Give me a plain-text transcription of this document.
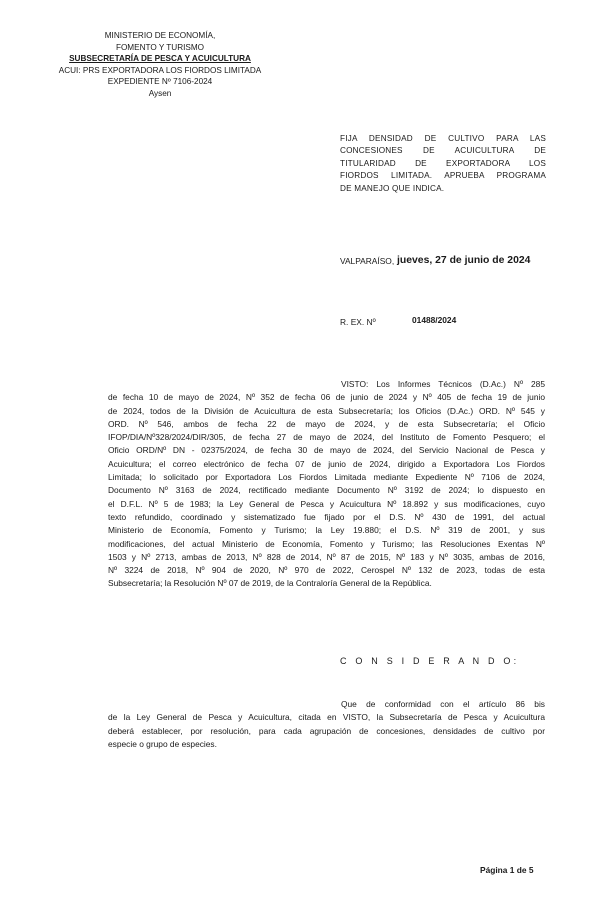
MINISTERIO DE ECONOMÍA,
FOMENTO Y TURISMO
SUBSECRETARÍA DE PESCA Y ACUICULTURA
ACUI: PRS EXPORTADORA LOS FIORDOS LIMITADA
EXPEDIENTE Nº 7106-2024
Aysen
FIJA DENSIDAD DE CULTIVO PARA LAS
CONCESIONES DE ACUICULTURA DE
TITULARIDAD DE EXPORTADORA LOS
FIORDOS LIMITADA. APRUEBA PROGRAMA
DE MANEJO QUE INDICA.
VALPARAÍSO, jueves, 27 de junio de 2024
R. EX. Nº	01488/2024
VISTO: Los Informes Técnicos (D.Ac.) Nº 285
de fecha 10 de mayo de 2024, Nº 352 de fecha 06 de junio de 2024 y Nº 405 de fecha 19 de junio
de 2024, todos de la División de Acuicultura de esta Subsecretaría; los Oficios (D.Ac.) ORD. Nº 545 y
ORD. Nº 546, ambos de fecha 22 de mayo de 2024, y de esta Subsecretaría; el Oficio
IFOP/DIA/Nº328/2024/DIR/305, de fecha 27 de mayo de 2024, del Instituto de Fomento Pesquero; el
Oficio ORD/Nº DN - 02375/2024, de fecha 30 de mayo de 2024, del Servicio Nacional de Pesca y
Acuicultura; el correo electrónico de fecha 07 de junio de 2024, dirigido a Exportadora Los Fiordos
Limitada; lo solicitado por Exportadora Los Fiordos Limitada mediante Expediente Nº 7106 de 2024,
Documento Nº 3163 de 2024, rectificado mediante Documento Nº 3192 de 2024; lo dispuesto en
el D.F.L. Nº 5 de 1983; la Ley General de Pesca y Acuicultura Nº 18.892 y sus modificaciones, cuyo
texto refundido, coordinado y sistematizado fue fijado por el D.S. Nº 430 de 1991, del actual
Ministerio de Economía, Fomento y Turismo; la Ley 19.880; el D.S. Nº 319 de 2001, y sus
modificaciones, del actual Ministerio de Economía, Fomento y Turismo; las Resoluciones Exentas Nº
1503 y Nº 2713, ambas de 2013, Nº 828 de 2014, Nº 87 de 2015, Nº 183 y Nº 3035, ambas de 2016,
Nº 3224 de 2018, Nº 904 de 2020, Nº 970 de 2022, Cerospel Nº 132 de 2023, todas de esta
Subsecretaría; la Resolución Nº 07 de 2019, de la Contraloría General de la República.
C O N S I D E R A N D O:
Que de conformidad con el artículo 86 bis
de la Ley General de Pesca y Acuicultura, citada en VISTO, la Subsecretaría de Pesca y Acuicultura
deberá establecer, por resolución, para cada agrupación de concesiones, densidades de cultivo por
especie o grupo de especies.
Página 1 de 5
